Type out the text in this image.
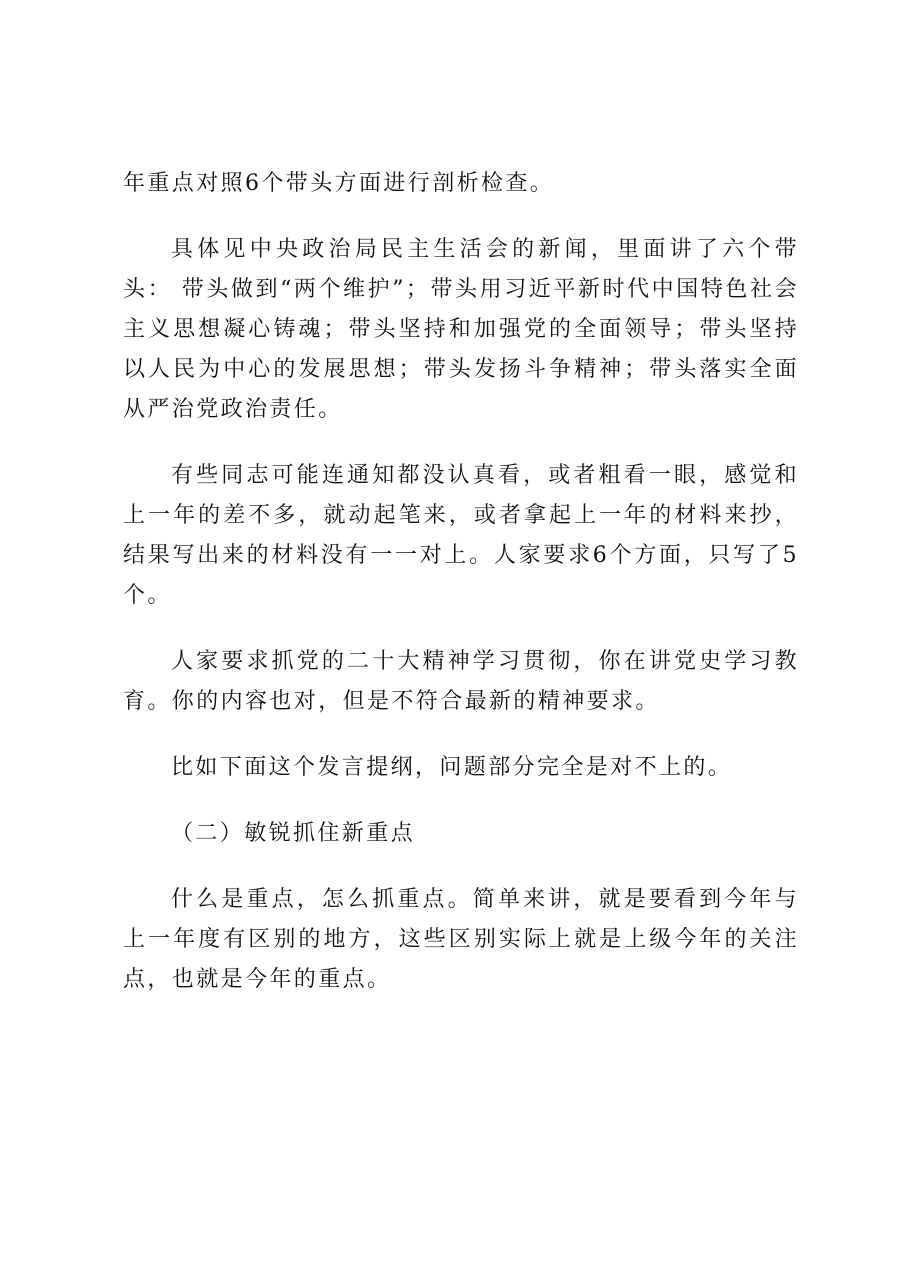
年重点对照6个带头方面进行剖析检查。

具体见中央政治局民主生活会的新闻，里面讲了六个带头： 带头做到“两个维护”；带头用习近平新时代中国特色社会主义思想凝心铸魂；带头坚持和加强党的全面领导；带头坚持以人民为中心的发展思想；带头发扬斗争精神；带头落实全面从严治党政治责任。

有些同志可能连通知都没认真看，或者粗看一眼，感觉和上一年的差不多，就动起笔来，或者拿起上一年的材料来抄，结果写出来的材料没有一一对上。人家要求6个方面，只写了5个。

人家要求抓党的二十大精神学习贯彻，你在讲党史学习教育。你的内容也对，但是不符合最新的精神要求。

比如下面这个发言提纲，问题部分完全是对不上的。

（二）敏锐抓住新重点

什么是重点，怎么抓重点。简单来讲，就是要看到今年与上一年度有区别的地方，这些区别实际上就是上级今年的关注点，也就是今年的重点。
